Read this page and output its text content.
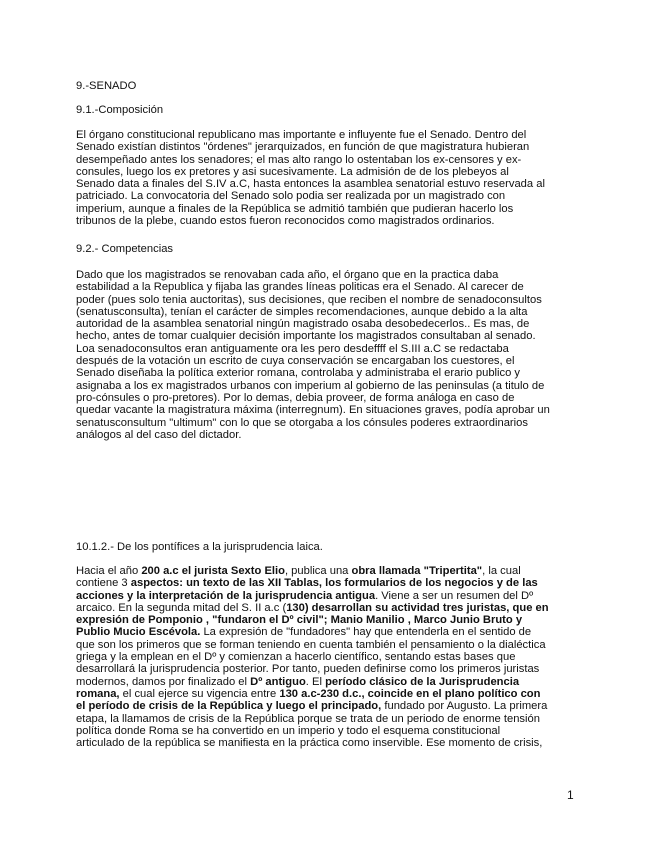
9.-SENADO
9.1.-Composición
El órgano constitucional republicano mas importante e influyente fue el Senado. Dentro del
Senado existían distintos "órdenes" jerarquizados, en función de que magistratura hubieran
desempeñado antes los senadores; el mas alto rango lo ostentaban los ex-censores y ex-
consules, luego los ex pretores y asi sucesivamente. La admisión de de los plebeyos al
Senado data a finales del S.IV a.C, hasta entonces la asamblea senatorial estuvo reservada al
patriciado. La convocatoria del Senado solo podia ser realizada por un magistrado con
imperium, aunque a finales de la República se admitió también que pudieran hacerlo los
tribunos de la plebe, cuando estos fueron reconocidos como magistrados ordinarios.
9.2.- Competencias
Dado que los magistrados se renovaban cada año, el órgano que en la practica daba
estabilidad a la Republica y fijaba las grandes líneas politicas era el Senado. Al carecer de
poder (pues solo tenia auctoritas), sus decisiones, que reciben el nombre de senadoconsultos
(senatusconsulta), tenían el carácter de simples recomendaciones, aunque debido a la alta
autoridad de la asamblea senatorial ningún magistrado osaba desobedecerlos.. Es mas, de
hecho, antes de tomar cualquier decisión importante los magistrados consultaban al senado.
Loa senadoconsultos eran antiguamente ora les pero desdeffff el S.III a.C se redactaba
después de la votación un escrito de cuya conservación se encargaban los cuestores, el
Senado diseñaba la política exterior romana, controlaba y administraba el erario publico y
asignaba a los ex magistrados urbanos con imperium al gobierno de las peninsulas (a titulo de
pro-cónsules o pro-pretores). Por lo demas, debia proveer, de forma análoga en caso de
quedar vacante la magistratura máxima (interregnum). En situaciones graves, podía aprobar un
senatusconsultum "ultimum" con lo que se otorgaba a los cónsules poderes extraordinarios
análogos al del caso del dictador.
10.1.2.- De los pontífices a la jurisprudencia laica.
Hacia el año 200 a.c el jurista Sexto Elio, publica una obra llamada "Tripertita", la cual
contiene 3 aspectos: un texto de las XII Tablas, los formularios de los negocios y de las
acciones y la interpretación de la jurisprudencia antigua. Viene a ser un resumen del Dº
arcaico. En la segunda mitad del S. II a.c (130) desarrollan su actividad tres juristas, que en
expresión de Pomponio , "fundaron el Dº civil"; Manio Manilio , Marco Junio Bruto y
Publio Mucio Escévola. La expresión de "fundadores" hay que entenderla en el sentido de
que son los primeros que se forman teniendo en cuenta también el pensamiento o la dialéctica
griega y la emplean en el Dº y comienzan a hacerlo científico, sentando estas bases que
desarrollará la jurisprudencia posterior. Por tanto, pueden definirse como los primeros juristas
modernos, damos por finalizado el Dº antiguo. El período clásico de la Jurisprudencia
romana, el cual ejerce su vigencia entre 130 a.c-230 d.c., coincide en el plano político con
el período de crisis de la República y luego el principado, fundado por Augusto. La primera
etapa, la llamamos de crisis de la República porque se trata de un periodo de enorme tensión
política donde Roma se ha convertido en un imperio y todo el esquema constitucional
articulado de la república se manifiesta en la práctica como inservible. Ese momento de crisis,
1
